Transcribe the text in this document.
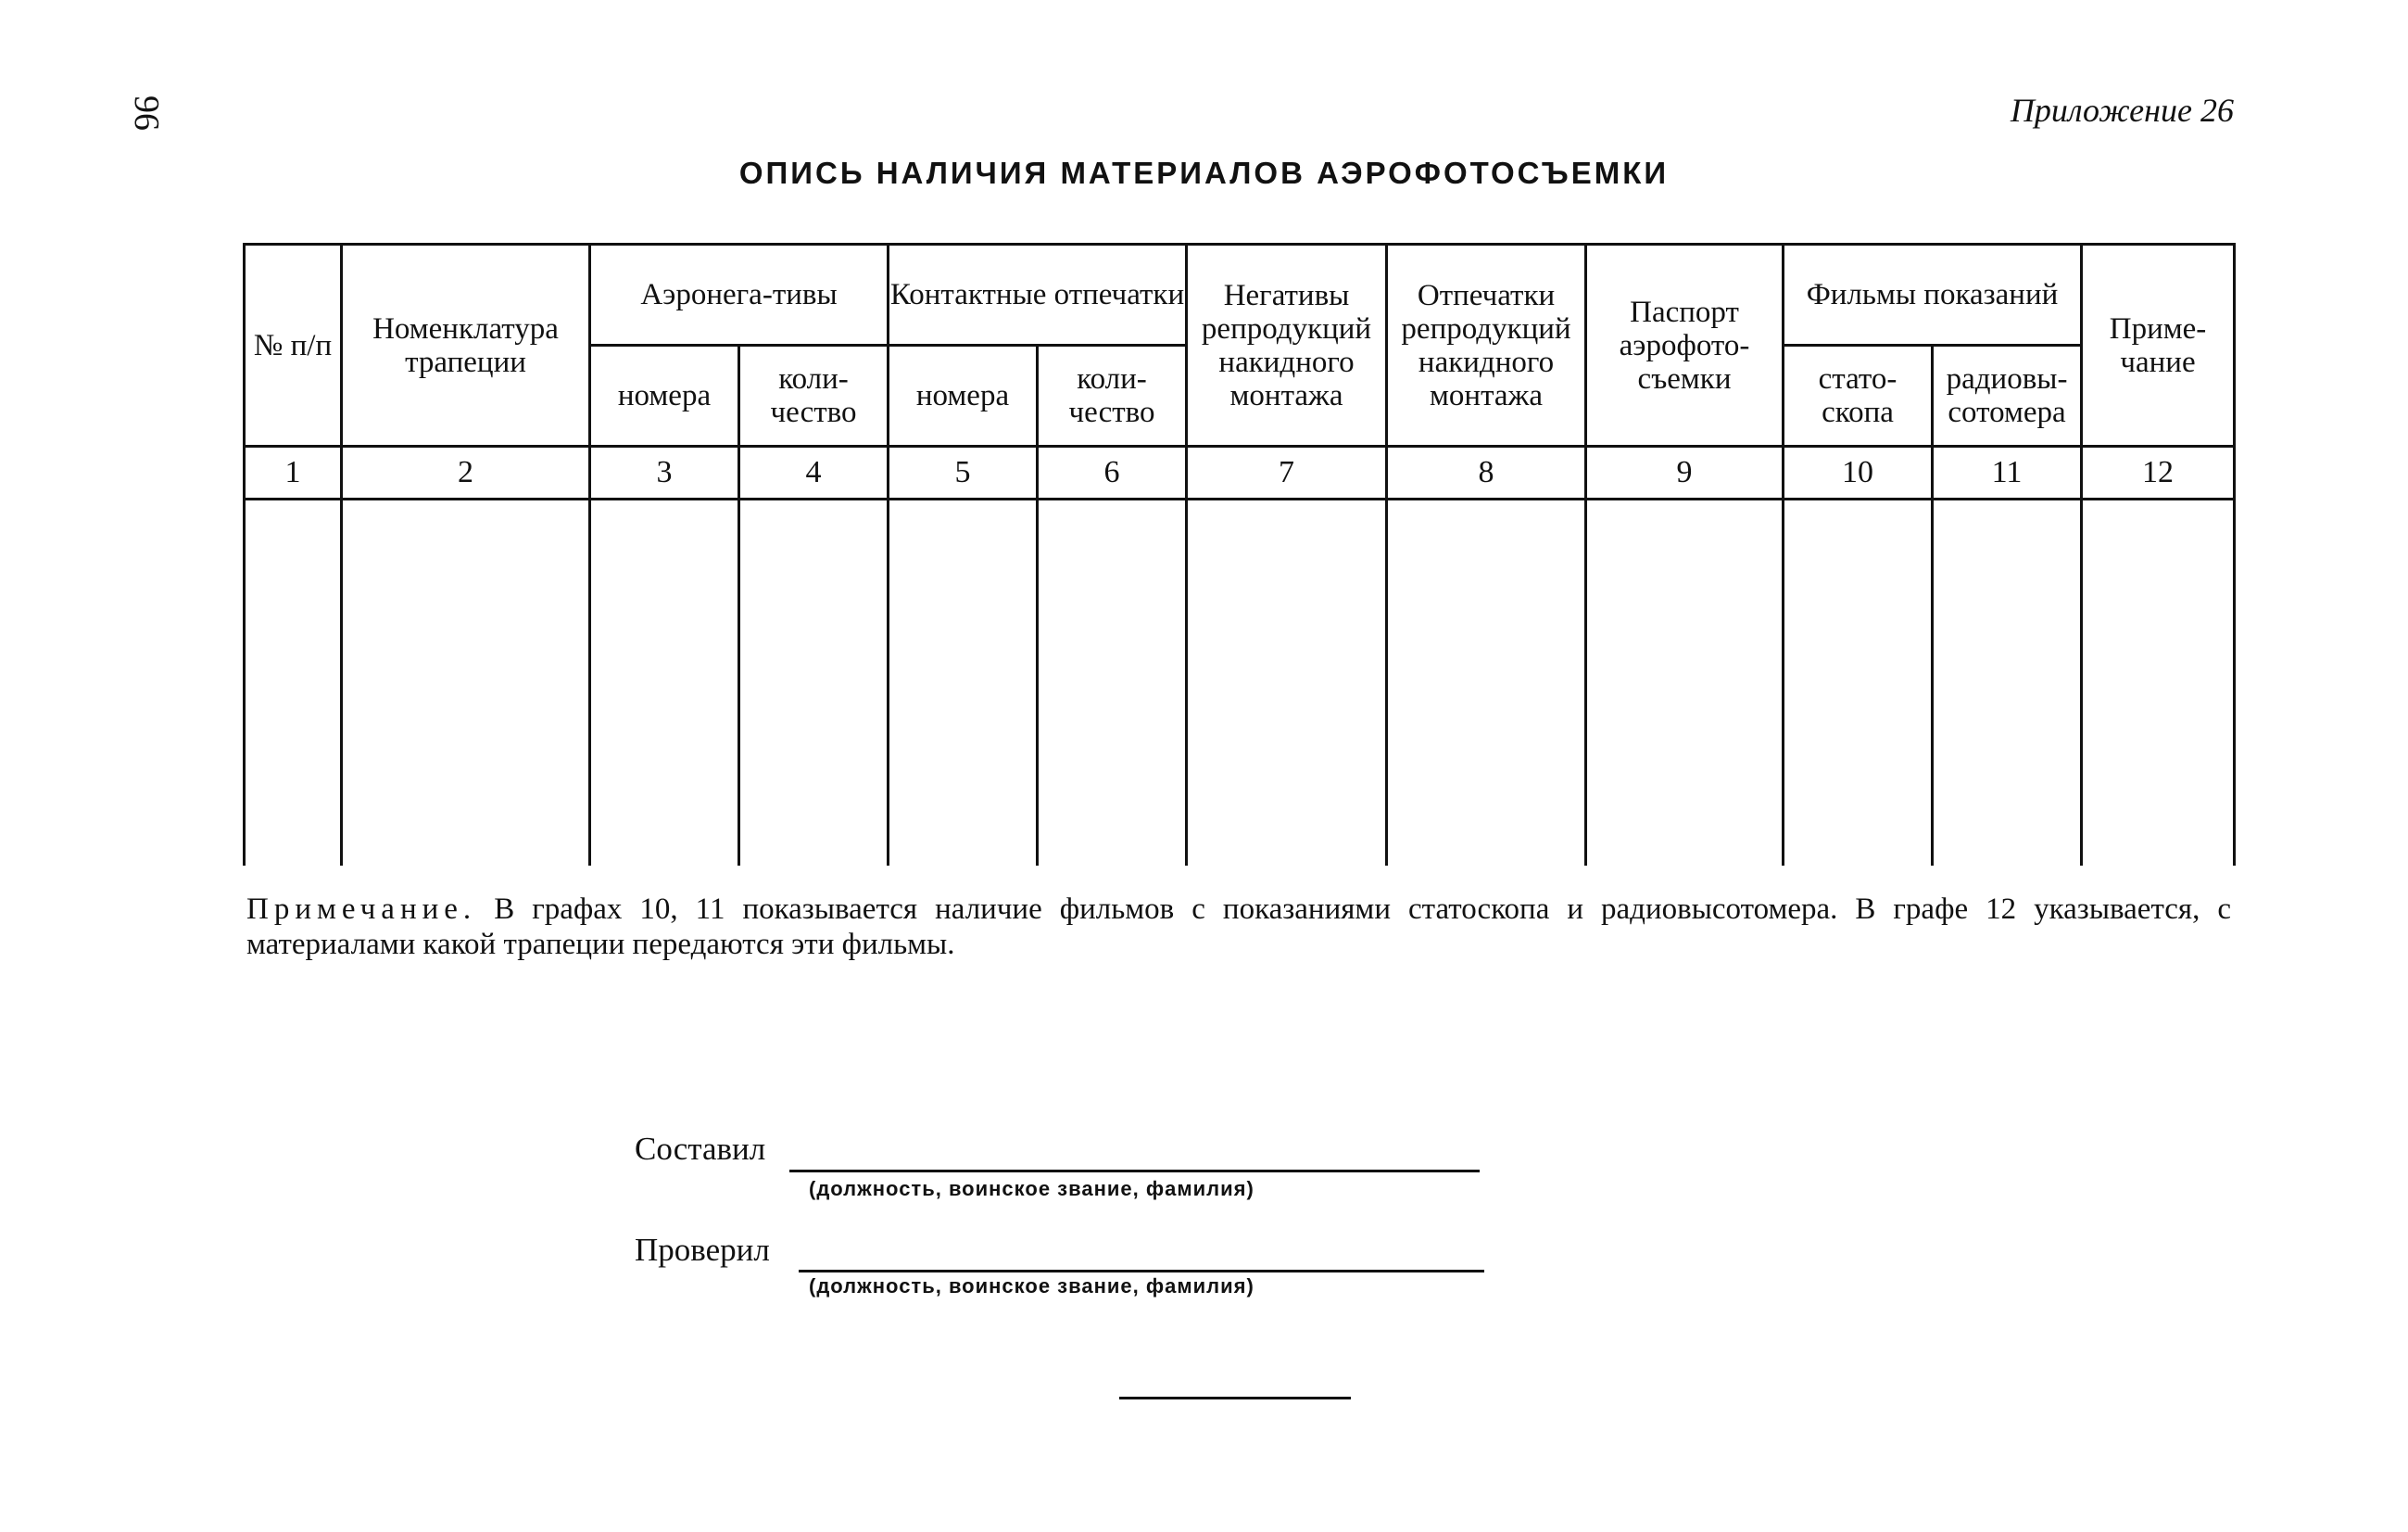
96	Приложение 26
ОПИСЬ НАЛИЧИЯ МАТЕРИАЛОВ АЭРОФОТОСЪЕМКИ
№ п/п	Номенклатура трапеции	Аэронега-тивы		Контактные отпечатки		Негативы репродукций накидного монтажа	Отпечатки репродукций накидного монтажа	Паспорт аэрофото-съемки	Фильмы показаний		Приме-чание
		номера	коли-чество	номера	коли-чество				стато-скопа	радиовы-сотомера	
1	2	3	4	5	6	7	8	9	10	11	12

Примечание. В графах 10, 11 показывается наличие фильмов с показаниями статоскопа и радиовысотомера. В графе 12 указывается, с материалами какой трапеции передаются эти фильмы.
Составил
(должность, воинское звание, фамилия)
Проверил
(должность, воинское звание, фамилия)
